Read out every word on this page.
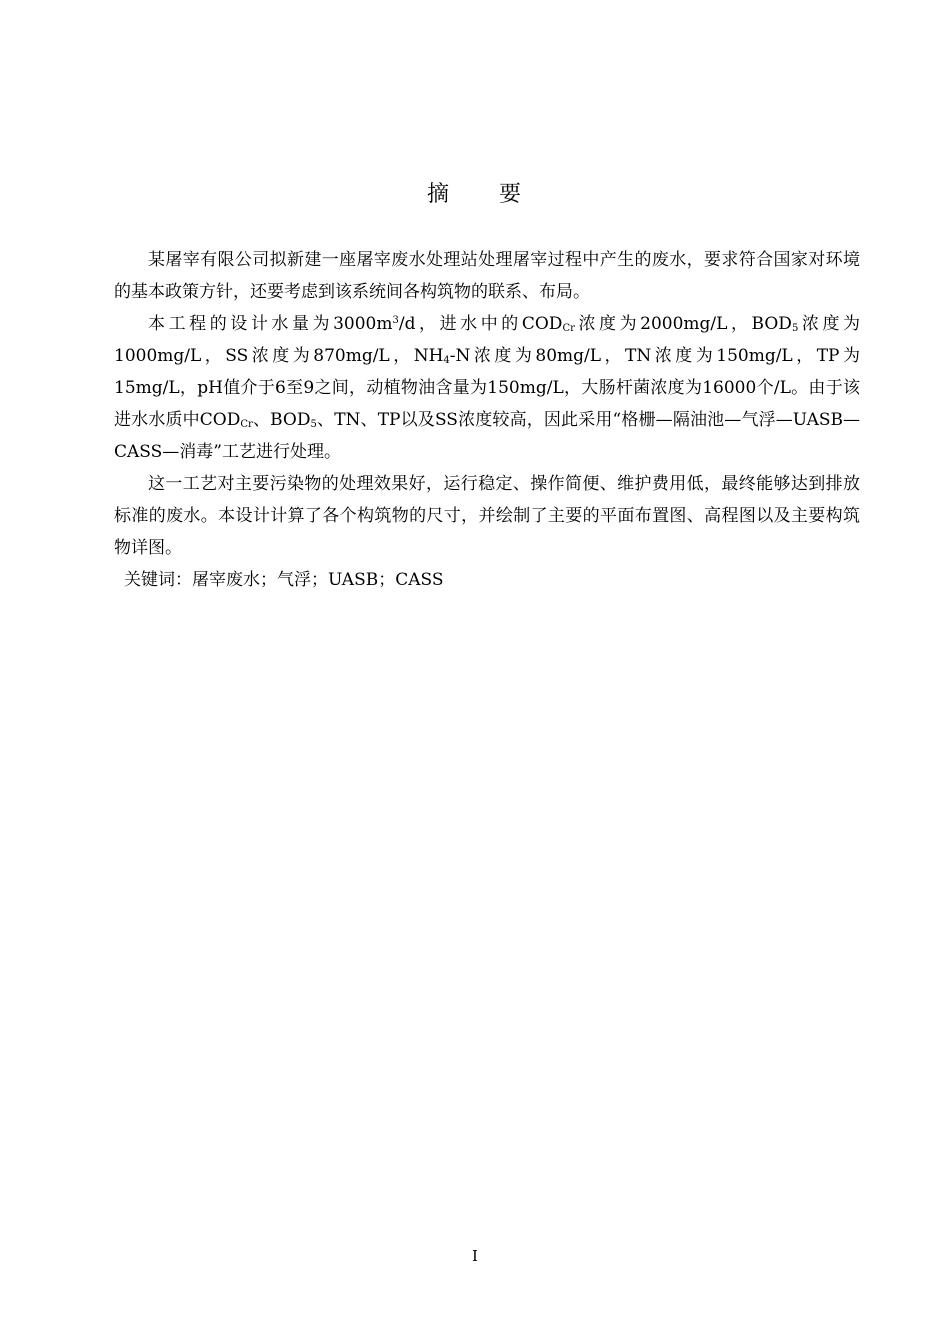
摘 要

某屠宰有限公司拟新建一座屠宰废水处理站处理屠宰过程中产生的废水，要求符合国家对环境的基本政策方针，还要考虑到该系统间各构筑物的联系、布局。

本工程的设计水量为$3000m^3/d$，进水中的$COD_{Cr}$浓度为2000mg/L，$BOD_5$浓度为1000mg/L，SS浓度为870mg/L，$NH_4-N$浓度为80mg/L，TN浓度为150mg/L，TP为15mg/L，pH值介于6至9之间，动植物油含量为150mg/L，大肠杆菌浓度为16000个/L。由于该进水水质中$COD_{Cr}$、$BOD_5$、TN、TP以及SS浓度较高，因此采用“格栅—隔油池—气浮—UASB—CASS—消毒”工艺进行处理。

这一工艺对主要污染物的处理效果好，运行稳定、操作简便、维护费用低，最终能够达到排放标准的废水。本设计计算了各个构筑物的尺寸，并绘制了主要的平面布置图、高程图以及主要构筑物详图。

关键词：屠宰废水；气浮；UASB；CASS

I
